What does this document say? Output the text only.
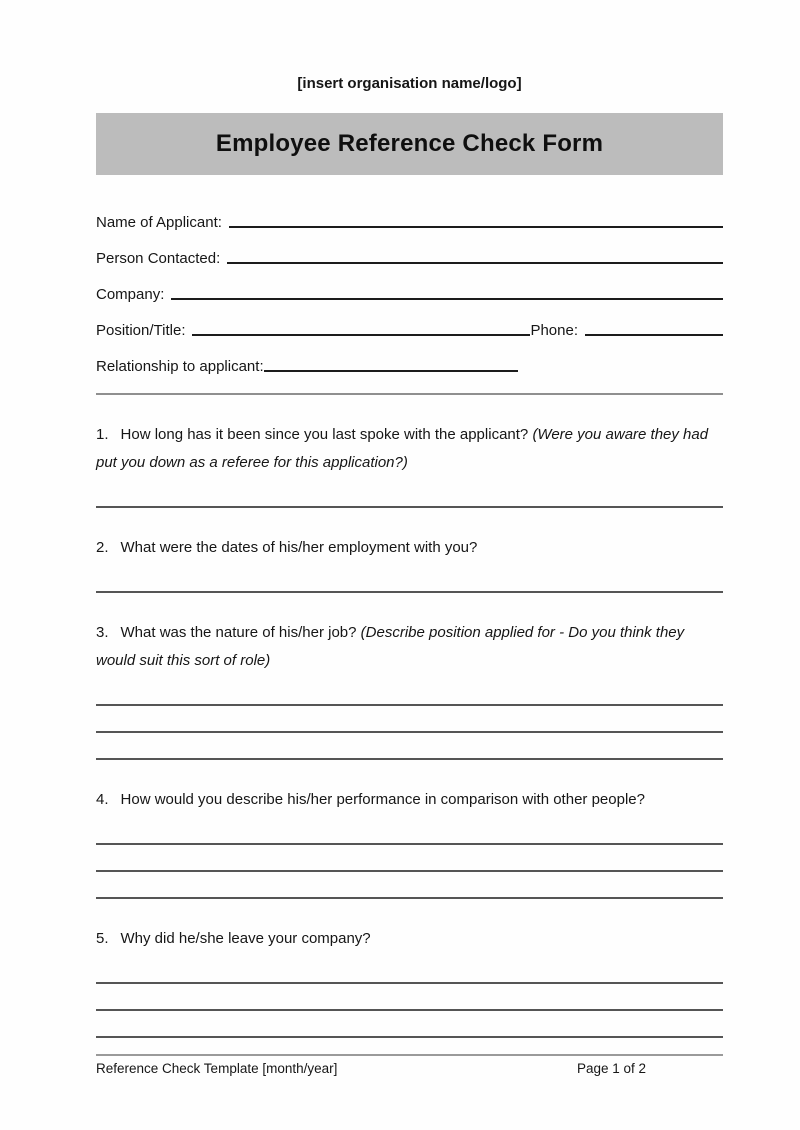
[insert organisation name/logo]
Employee Reference Check Form
Name of Applicant:
Person Contacted:
Company:
Position/Title:	Phone:
Relationship to applicant:

1. How long has it been since you last spoke with the applicant? (Were you aware they had put you down as a referee for this application?)

2. What were the dates of his/her employment with you?

3. What was the nature of his/her job? (Describe position applied for - Do you think they would suit this sort of role)

4. How would you describe his/her performance in comparison with other people?

5. Why did he/she leave your company?

Reference Check Template [month/year]	Page 1 of 2
